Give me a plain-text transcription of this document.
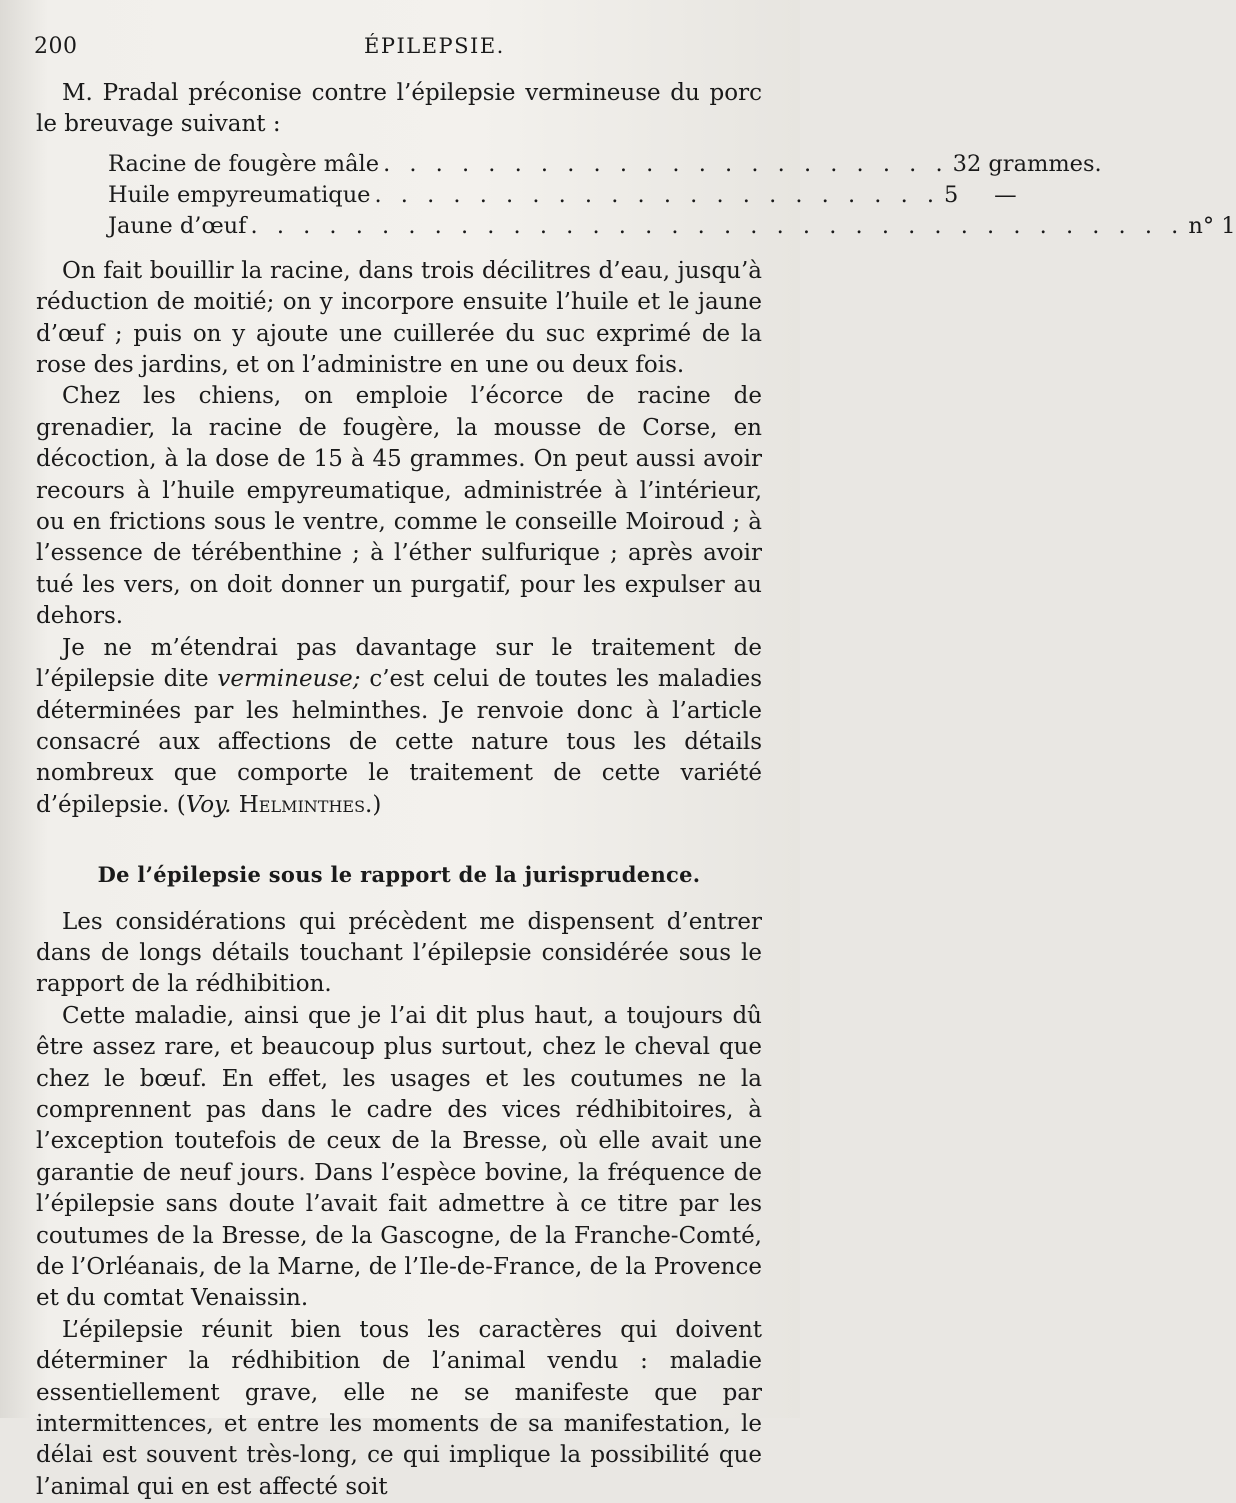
200	ÉPILEPSIE.

M. Pradal préconise contre l’épilepsie vermineuse du porc le breuvage suivant :

Racine de fougère mâle . . . . . . . . . . . . . . . . . . . . . . 32 grammes.
Huile empyreumatique . . . . . . . . . . . . . . . . . . . . . . 5     —
Jaune d’œuf . . . . . . . . . . . . . . . . . . . . . . . . . . . . . . . . . . . . n° 1

On fait bouillir la racine, dans trois décilitres d’eau, jusqu’à réduction de moitié; on y incorpore ensuite l’huile et le jaune d’œuf ; puis on y ajoute une cuillerée du suc exprimé de la rose des jardins, et on l’administre en une ou deux fois.

Chez les chiens, on emploie l’écorce de racine de grenadier, la racine de fougère, la mousse de Corse, en décoction, à la dose de 15 à 45 grammes. On peut aussi avoir recours à l’huile empyreumatique, administrée à l’intérieur, ou en frictions sous le ventre, comme le conseille Moiroud ; à l’essence de térébenthine ; à l’éther sulfurique ; après avoir tué les vers, on doit donner un purgatif, pour les expulser au dehors.

Je ne m’étendrai pas davantage sur le traitement de l’épilepsie dite vermineuse; c’est celui de toutes les maladies déterminées par les helminthes. Je renvoie donc à l’article consacré aux affections de cette nature tous les détails nombreux que comporte le traitement de cette variété d’épilepsie. (Voy. Helminthes.)

De l’épilepsie sous le rapport de la jurisprudence.

Les considérations qui précèdent me dispensent d’entrer dans de longs détails touchant l’épilepsie considérée sous le rapport de la rédhibition.

Cette maladie, ainsi que je l’ai dit plus haut, a toujours dû être assez rare, et beaucoup plus surtout, chez le cheval que chez le bœuf. En effet, les usages et les coutumes ne la comprennent pas dans le cadre des vices rédhibitoires, à l’exception toutefois de ceux de la Bresse, où elle avait une garantie de neuf jours. Dans l’espèce bovine, la fréquence de l’épilepsie sans doute l’avait fait admettre à ce titre par les coutumes de la Bresse, de la Gascogne, de la Franche-Comté, de l’Orléanais, de la Marne, de l’Ile-de-France, de la Provence et du comtat Venaissin.

L’épilepsie réunit bien tous les caractères qui doivent déterminer la rédhibition de l’animal vendu : maladie essentiellement grave, elle ne se manifeste que par intermittences, et entre les moments de sa manifestation, le délai est souvent très-long, ce qui implique la possibilité que l’animal qui en est affecté soit
